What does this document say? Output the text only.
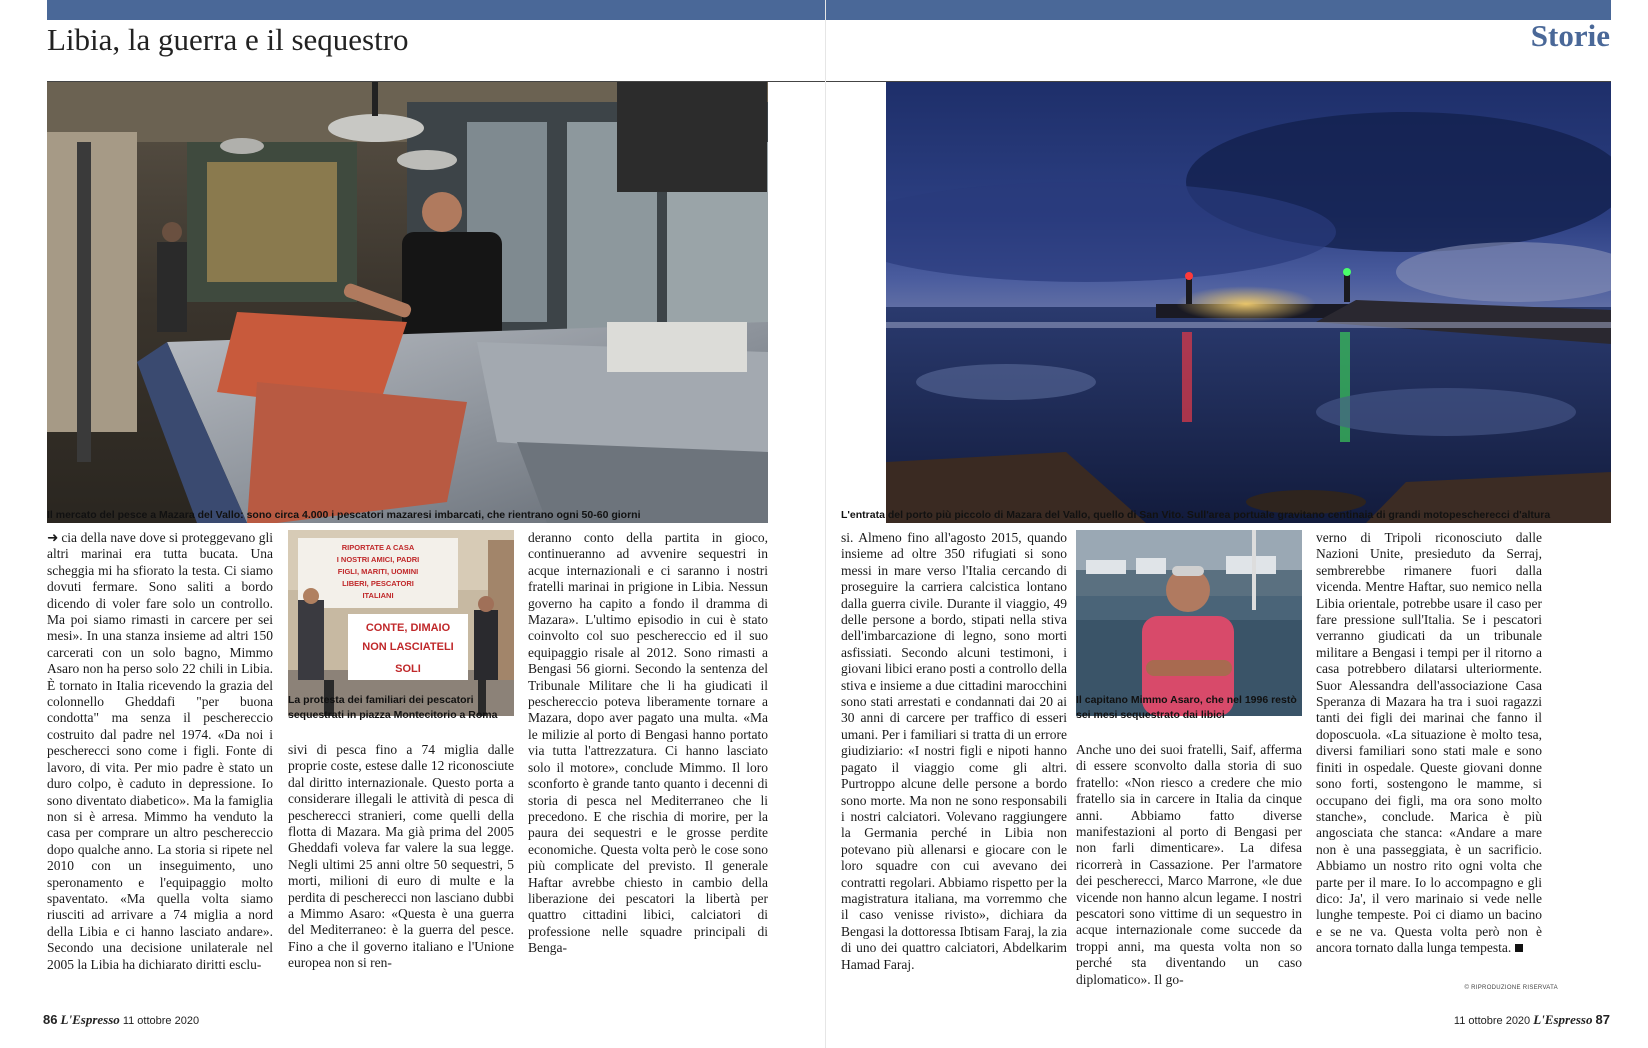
Libia, la guerra e il sequestro

Il mercato del pesce a Mazara del Vallo: sono circa 4.000 i pescatori mazaresi imbarcati, che rientrano ogni 50-60 giorni

➜ cia della nave dove si proteggevano gli altri marinai era tutta bucata. Una scheggia mi ha sfiorato la testa. Ci siamo dovuti fermare. Sono saliti a bordo dicendo di voler fare solo un controllo. Ma poi siamo rimasti in carcere per sei mesi». In una stanza insieme ad altri 150 carcerati con un solo bagno, Mimmo Asaro non ha perso solo 22 chili in Libia. È tornato in Italia ricevendo la grazia del colonnello Gheddafi "per buona condotta" ma senza il peschereccio costruito dal padre nel 1974. «Da noi i pescherecci sono come i figli. Fonte di lavoro, di vita. Per mio padre è stato un duro colpo, è caduto in depressione. Io sono diventato diabetico». Ma la famiglia non si è arresa. Mimmo ha venduto la casa per comprare un altro peschereccio dopo qualche anno. La storia si ripete nel 2010 con un inseguimento, uno speronamento e l'equipaggio molto spaventato. «Ma quella volta siamo riusciti ad arrivare a 74 miglia a nord della Libia e ci hanno lasciato andare». Secondo una decisione unilaterale nel 2005 la Libia ha dichiarato diritti esclu-

RIPORTATE A CASA
I NOSTRI AMICI, PADRI
FIGLI, MARITI, UOMINI
LIBERI, PESCATORI
ITALIANI
CONTE, DIMAIO
NON LASCIATELI
SOLI

La protesta dei familiari dei pescatori sequestrati in piazza Montecitorio a Roma

sivi di pesca fino a 74 miglia dalle proprie coste, estese dalle 12 riconosciute dal diritto internazionale. Questo porta a considerare illegali le attività di pesca di pescherecci stranieri, come quelli della flotta di Mazara. Ma già prima del 2005 Gheddafi voleva far valere la sua legge. Negli ultimi 25 anni oltre 50 sequestri, 5 morti, milioni di euro di multe e la perdita di pescherecci non lasciano dubbi a Mimmo Asaro: «Questa è una guerra del Mediterraneo: è la guerra del pesce. Fino a che il governo italiano e l'Unione europea non si ren-

deranno conto della partita in gioco, continueranno ad avvenire sequestri in acque internazionali e ci saranno i nostri fratelli marinai in prigione in Libia. Nessun governo ha capito a fondo il dramma di Mazara». L'ultimo episodio in cui è stato coinvolto col suo peschereccio ed il suo equipaggio risale al 2012. Sono rimasti a Bengasi 56 giorni. Secondo la sentenza del Tribunale Militare che li ha giudicati il peschereccio poteva liberamente tornare a Mazara, dopo aver pagato una multa. «Ma le milizie al porto di Bengasi hanno portato via tutta l'attrezzatura. Ci hanno lasciato solo il motore», conclude Mimmo. Il loro sconforto è grande tanto quanto i decenni di storia di pesca nel Mediterraneo che li precedono. E che rischia di morire, per la paura dei sequestri e le grosse perdite economiche. Questa volta però le cose sono più complicate del previsto. Il generale Haftar avrebbe chiesto in cambio della liberazione dei pescatori la libertà per quattro cittadini libici, calciatori di professione nelle squadre principali di Benga-

86 L'Espresso 11 ottobre 2020

Storie

L'entrata del porto più piccolo di Mazara del Vallo, quello di San Vito. Sull'area portuale gravitano centinaia di grandi motopescherecci d'altura

si. Almeno fino all'agosto 2015, quando insieme ad oltre 350 rifugiati si sono messi in mare verso l'Italia cercando di proseguire la carriera calcistica lontano dalla guerra civile. Durante il viaggio, 49 delle persone a bordo, stipati nella stiva dell'imbarcazione di legno, sono morti asfissiati. Secondo alcuni testimoni, i giovani libici erano posti a controllo della stiva e insieme a due cittadini marocchini sono stati arrestati e condannati dai 20 ai 30 anni di carcere per traffico di esseri umani. Per i familiari si tratta di un errore giudiziario: «I nostri figli e nipoti hanno pagato il viaggio come gli altri. Purtroppo alcune delle persone a bordo sono morte. Ma non ne sono responsabili i nostri calciatori. Volevano raggiungere la Germania perché in Libia non potevano più allenarsi e giocare con le loro squadre con cui avevano dei contratti regolari. Abbiamo rispetto per la magistratura italiana, ma vorremmo che il caso venisse rivisto», dichiara da Bengasi la dottoressa Ibtisam Faraj, la zia di uno dei quattro calciatori, Abdelkarim Hamad Faraj.

Il capitano Mimmo Asaro, che nel 1996 restò sei mesi sequestrato dai libici

Anche uno dei suoi fratelli, Saif, afferma di essere sconvolto dalla storia di suo fratello: «Non riesco a credere che mio fratello sia in carcere in Italia da cinque anni. Abbiamo fatto diverse manifestazioni al porto di Bengasi per non farli dimenticare». La difesa ricorrerà in Cassazione. Per l'armatore dei pescherecci, Marco Marrone, «le due vicende non hanno alcun legame. I nostri pescatori sono vittime di un sequestro in acque internazionale come succede da troppi anni, ma questa volta non so perché sta diventando un caso diplomatico». Il go-

verno di Tripoli riconosciuto dalle Nazioni Unite, presieduto da Serraj, sembrerebbe rimanere fuori dalla vicenda. Mentre Haftar, suo nemico nella Libia orientale, potrebbe usare il caso per fare pressione sull'Italia. Se i pescatori verranno giudicati da un tribunale militare a Bengasi i tempi per il ritorno a casa potrebbero dilatarsi ulteriormente. Suor Alessandra dell'associazione Casa Speranza di Mazara ha tra i suoi ragazzi tanti dei figli dei marinai che fanno il doposcuola. «La situazione è molto tesa, diversi familiari sono stati male e sono finiti in ospedale. Queste giovani donne sono forti, sostengono le mamme, si occupano dei figli, ma ora sono molto stanche», conclude. Marica è più angosciata che stanca: «Andare a mare non è una passeggiata, è un sacrificio. Abbiamo un nostro rito ogni volta che parte per il mare. Io lo accompagno e gli dico: Ja', il vero marinaio si vede nelle lunghe tempeste. Poi ci diamo un bacino e se ne va. Questa volta però non è ancora tornato dalla lunga tempesta.

© RIPRODUZIONE RISERVATA

11 ottobre 2020 L'Espresso 87
